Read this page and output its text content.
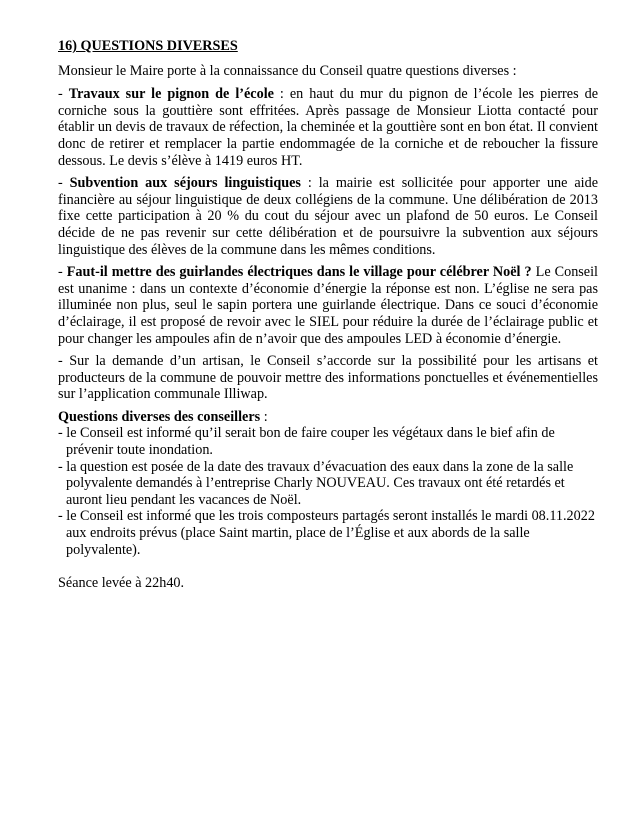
16) QUESTIONS DIVERSES

Monsieur le Maire porte à la connaissance du Conseil quatre questions diverses :

- Travaux sur le pignon de l’école : en haut du mur du pignon de l’école les pierres de corniche sous la gouttière sont effritées. Après passage de Monsieur Liotta contacté pour établir un devis de travaux de réfection, la cheminée et la gouttière sont en bon état. Il convient donc de retirer et remplacer la partie endommagée de la corniche et de reboucher la fissure dessous. Le devis s’élève à 1419 euros HT.

- Subvention aux séjours linguistiques : la mairie est sollicitée pour apporter une aide financière au séjour linguistique de deux collégiens de la commune. Une délibération de 2013 fixe cette participation à 20 % du cout du séjour avec un plafond de 50 euros. Le Conseil décide de ne pas revenir sur cette délibération et de poursuivre la subvention aux séjours linguistique des élèves de la commune dans les mêmes conditions.

- Faut-il mettre des guirlandes électriques dans le village pour célébrer Noël ? Le Conseil est unanime : dans un contexte d’économie d’énergie la réponse est non. L’église ne sera pas illuminée non plus, seul le sapin portera une guirlande électrique. Dans ce souci d’économie d’éclairage, il est proposé de revoir avec le SIEL pour réduire la durée de l’éclairage public et pour changer les ampoules afin de n’avoir que des ampoules LED à économie d’énergie.

- Sur la demande d’un artisan, le Conseil s’accorde sur la possibilité pour les artisans et producteurs de la commune de pouvoir mettre des informations ponctuelles et événementielles sur l’application communale Illiwap.

Questions diverses des conseillers :

- le Conseil est informé qu’il serait bon de faire couper les végétaux dans le bief afin de prévenir toute inondation.
- la question est posée de la date des travaux d’évacuation des eaux dans la zone de la salle polyvalente demandés à l’entreprise Charly NOUVEAU. Ces travaux ont été retardés et auront lieu pendant les vacances de Noël.
- le Conseil est informé que les trois composteurs partagés seront installés le mardi 08.11.2022 aux endroits prévus (place Saint martin, place de l’Église et aux abords de la salle polyvalente).

Séance levée à 22h40.
